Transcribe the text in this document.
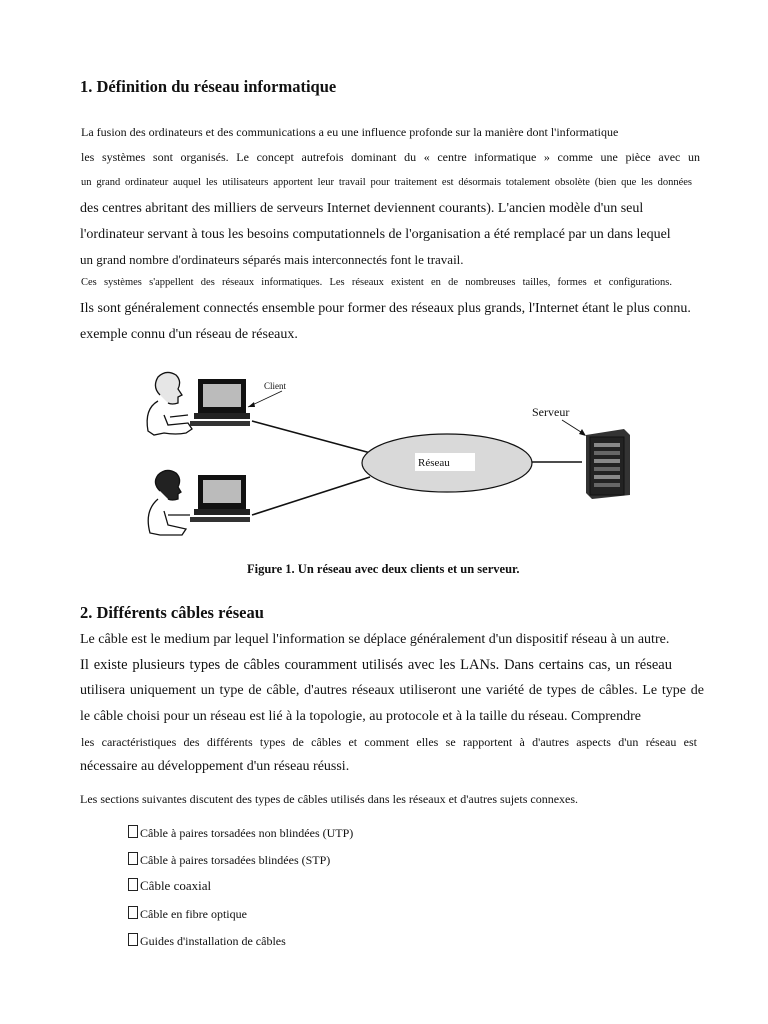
1. Définition du réseau informatique
La fusion des ordinateurs et des communications a eu une influence profonde sur la manière dont l'informatique
les systèmes sont organisés. Le concept autrefois dominant du « centre informatique » comme une pièce avec un
un grand ordinateur auquel les utilisateurs apportent leur travail pour traitement est désormais totalement obsolète (bien que les données
des centres abritant des milliers de serveurs Internet deviennent courants). L'ancien modèle d'un seul
l'ordinateur servant à tous les besoins computationnels de l'organisation a été remplacé par un dans lequel
un grand nombre d'ordinateurs séparés mais interconnectés font le travail.
Ces systèmes s'appellent des réseaux informatiques. Les réseaux existent en de nombreuses tailles, formes et configurations.
Ils sont généralement connectés ensemble pour former des réseaux plus grands, l'Internet étant le plus connu.
exemple connu d'un réseau de réseaux.
Réseau
Client
Serveur
Figure 1. Un réseau avec deux clients et un serveur.
2. Différents câbles réseau
Le câble est le medium par lequel l'information se déplace généralement d'un dispositif réseau à un autre.
Il existe plusieurs types de câbles couramment utilisés avec les LANs. Dans certains cas, un réseau
utilisera uniquement un type de câble, d'autres réseaux utiliseront une variété de types de câbles. Le type de
le câble choisi pour un réseau est lié à la topologie, au protocole et à la taille du réseau. Comprendre
les caractéristiques des différents types de câbles et comment elles se rapportent à d'autres aspects d'un réseau est
nécessaire au développement d'un réseau réussi.
Les sections suivantes discutent des types de câbles utilisés dans les réseaux et d'autres sujets connexes.
Câble à paires torsadées non blindées (UTP)
Câble à paires torsadées blindées (STP)
Câble coaxial
Câble en fibre optique
Guides d'installation de câbles
